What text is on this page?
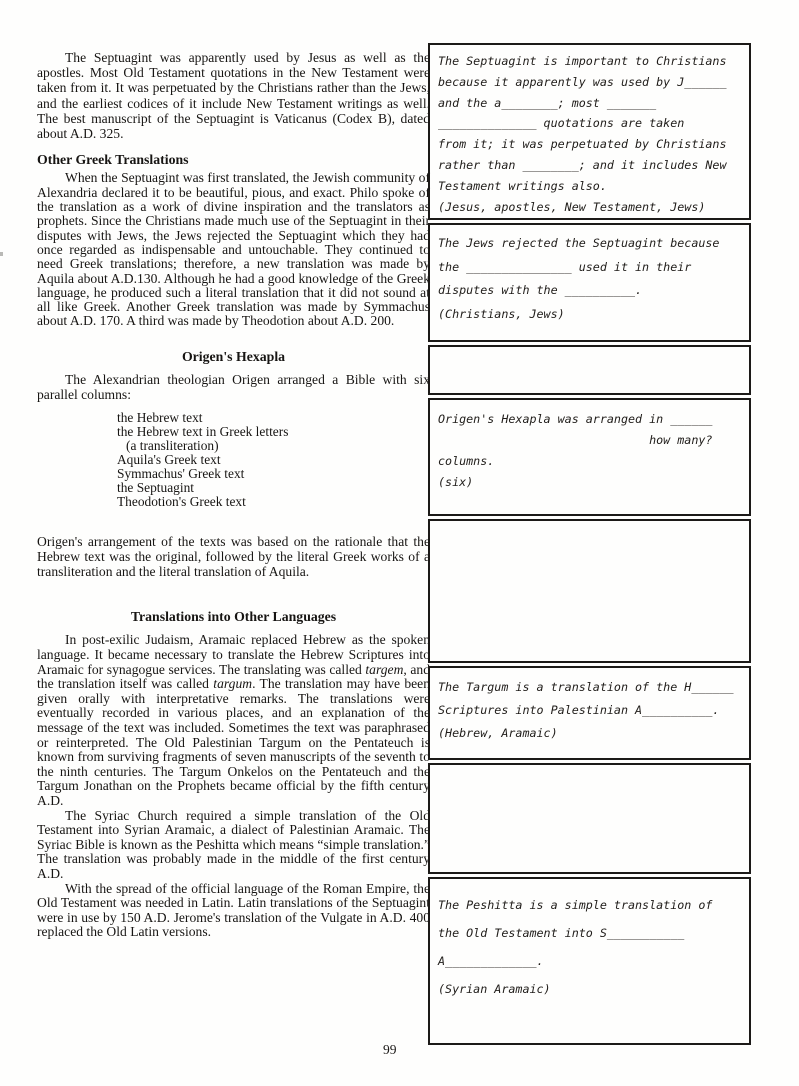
The Septuagint was apparently used by Jesus as well as the apostles. Most Old Testament quotations in the New Testament were taken from it. It was perpetuated by the Christians rather than the Jews, and the earliest codices of it include New Testament writings as well. The best manuscript of the Septuagint is Vaticanus (Codex B), dated about A.D. 325.

Other Greek Translations

When the Septuagint was first translated, the Jewish community of Alexandria declared it to be beautiful, pious, and exact. Philo spoke of the translation as a work of divine inspiration and the translators as prophets. Since the Christians made much use of the Septuagint in their disputes with Jews, the Jews rejected the Septuagint which they had once regarded as indispensable and untouchable. They continued to need Greek translations; therefore, a new translation was made by Aquila about A.D.130. Although he had a good knowledge of the Greek language, he produced such a literal translation that it did not sound at all like Greek. Another Greek translation was made by Symmachus about A.D. 170. A third was made by Theodotion about A.D. 200.

Origen's Hexapla

The Alexandrian theologian Origen arranged a Bible with six parallel columns:

the Hebrew text
the Hebrew text in Greek letters
(a transliteration)
Aquila's Greek text
Symmachus' Greek text
the Septuagint
Theodotion's Greek text

Origen's arrangement of the texts was based on the rationale that the Hebrew text was the original, followed by the literal Greek works of a transliteration and the literal translation of Aquila.

Translations into Other Languages

In post-exilic Judaism, Aramaic replaced Hebrew as the spoken language. It became necessary to translate the Hebrew Scriptures into Aramaic for synagogue services. The translating was called targem, and the translation itself was called targum. The translation may have been given orally with interpretative remarks. The translations were eventually recorded in various places, and an explanation of the message of the text was included. Sometimes the text was paraphrased or reinterpreted. The Old Palestinian Targum on the Pentateuch is known from surviving fragments of seven manuscripts of the seventh to the ninth centuries. The Targum Onkelos on the Pentateuch and the Targum Jonathan on the Prophets became official by the fifth century A.D.

The Syriac Church required a simple translation of the Old Testament into Syrian Aramaic, a dialect of Palestinian Aramaic. The Syriac Bible is known as the Peshitta which means “simple translation.” The translation was probably made in the middle of the first century A.D.

With the spread of the official language of the Roman Empire, the Old Testament was needed in Latin. Latin translations of the Septuagint were in use by 150 A.D. Jerome's translation of the Vulgate in A.D. 400 replaced the Old Latin versions.

The Septuagint is important to Christians
because it apparently was used by J______
and the a________; most _______
______________ quotations are taken
from it; it was perpetuated by Christians
rather than ________; and it includes New
Testament writings also.
(Jesus, apostles, New Testament, Jews)
The Jews rejected the Septuagint because
the _______________ used it in their
disputes with the __________.
(Christians, Jews)
Origen's Hexapla was arranged in ______
how many?
columns.
(six)
The Targum is a translation of the H______
Scriptures into Palestinian A__________.
(Hebrew, Aramaic)
The Peshitta is a simple translation of
the Old Testament into S___________
A_____________.
(Syrian Aramaic)
99
